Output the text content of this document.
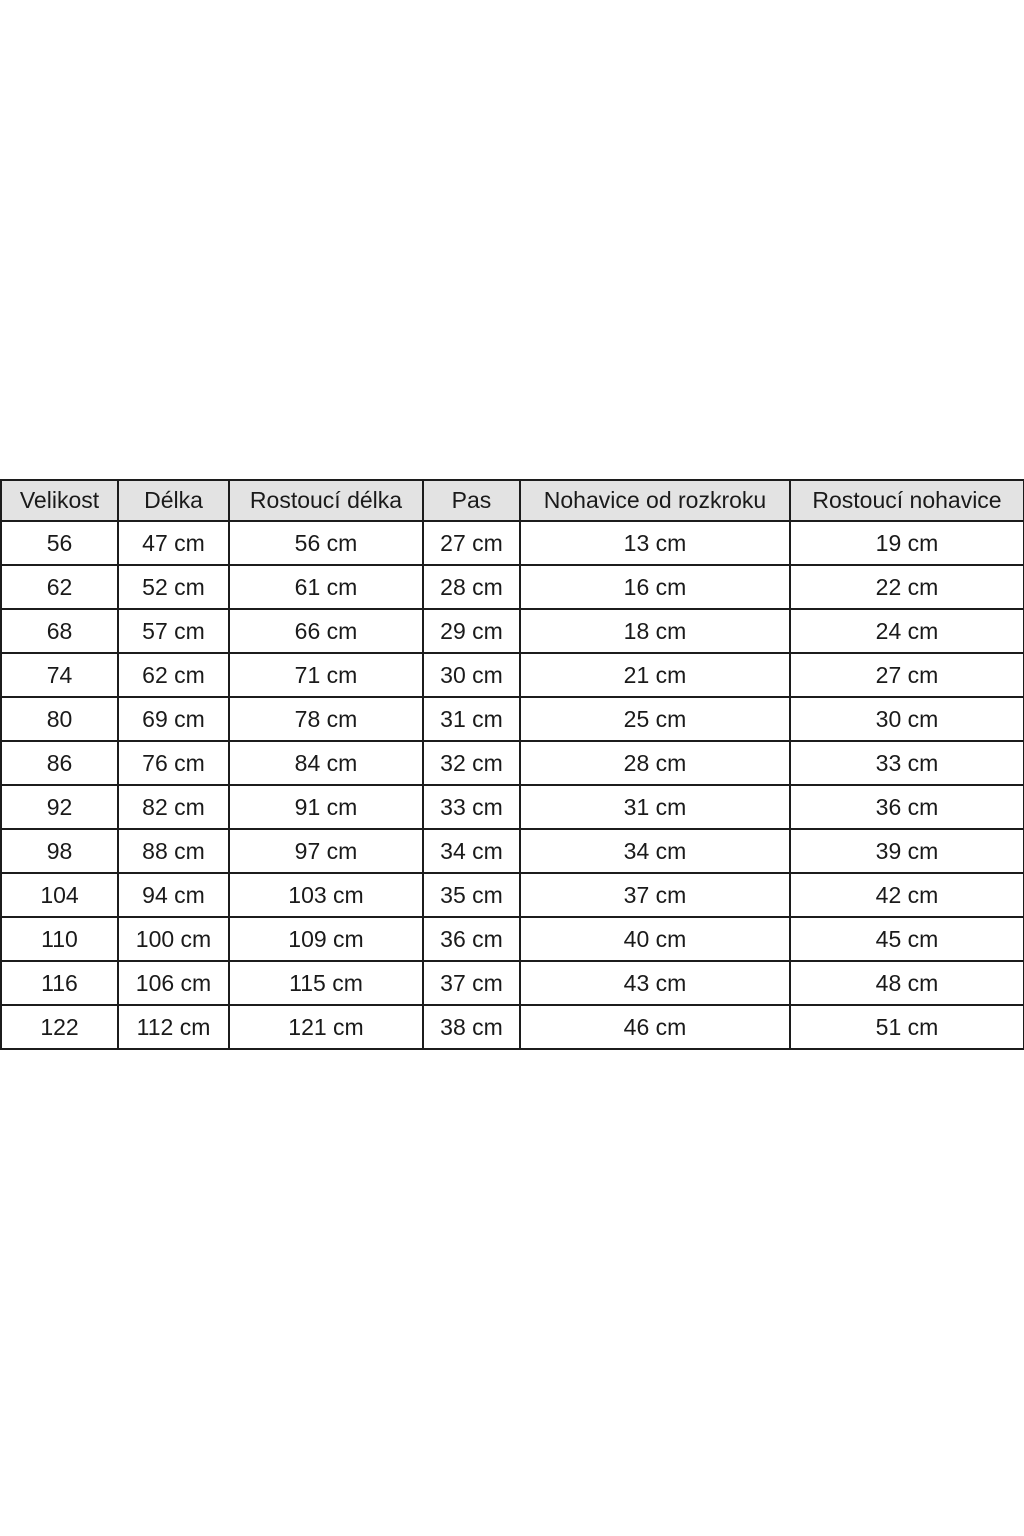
Velikost	Délka	Rostoucí délka	Pas	Nohavice od rozkroku	Rostoucí nohavice
56	47 cm	56 cm	27 cm	13 cm	19 cm
62	52 cm	61 cm	28 cm	16 cm	22 cm
68	57 cm	66 cm	29 cm	18 cm	24 cm
74	62 cm	71 cm	30 cm	21 cm	27 cm
80	69 cm	78 cm	31 cm	25 cm	30 cm
86	76 cm	84 cm	32 cm	28 cm	33 cm
92	82 cm	91 cm	33 cm	31 cm	36 cm
98	88 cm	97 cm	34 cm	34 cm	39 cm
104	94 cm	103 cm	35 cm	37 cm	42 cm
110	100 cm	109 cm	36 cm	40 cm	45 cm
116	106 cm	115 cm	37 cm	43 cm	48 cm
122	112 cm	121 cm	38 cm	46 cm	51 cm
